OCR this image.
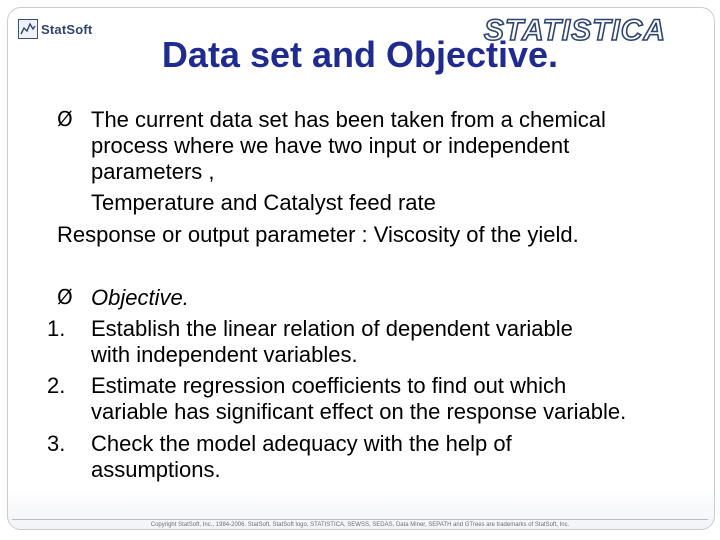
StatSoft	STATISTICA
Data set and Objective.
Ø The current data set has been taken from a chemical
process where we have two input or independent
parameters ,
Temperature and Catalyst feed rate
Response or output parameter : Viscosity of the yield.
Ø Objective.
1. Establish the linear relation of dependent variable
with independent variables.
2. Estimate regression coefficients to find out which
variable has significant effect on the response variable.
3. Check the model adequacy with the help of
assumptions.
Copyright StatSoft, Inc., 1984-2006. StatSoft, StatSoft logo, STATISTICA, SEWSS, SEDAS, Data Miner, SEPATH and GTrees are trademarks of StatSoft, Inc.
